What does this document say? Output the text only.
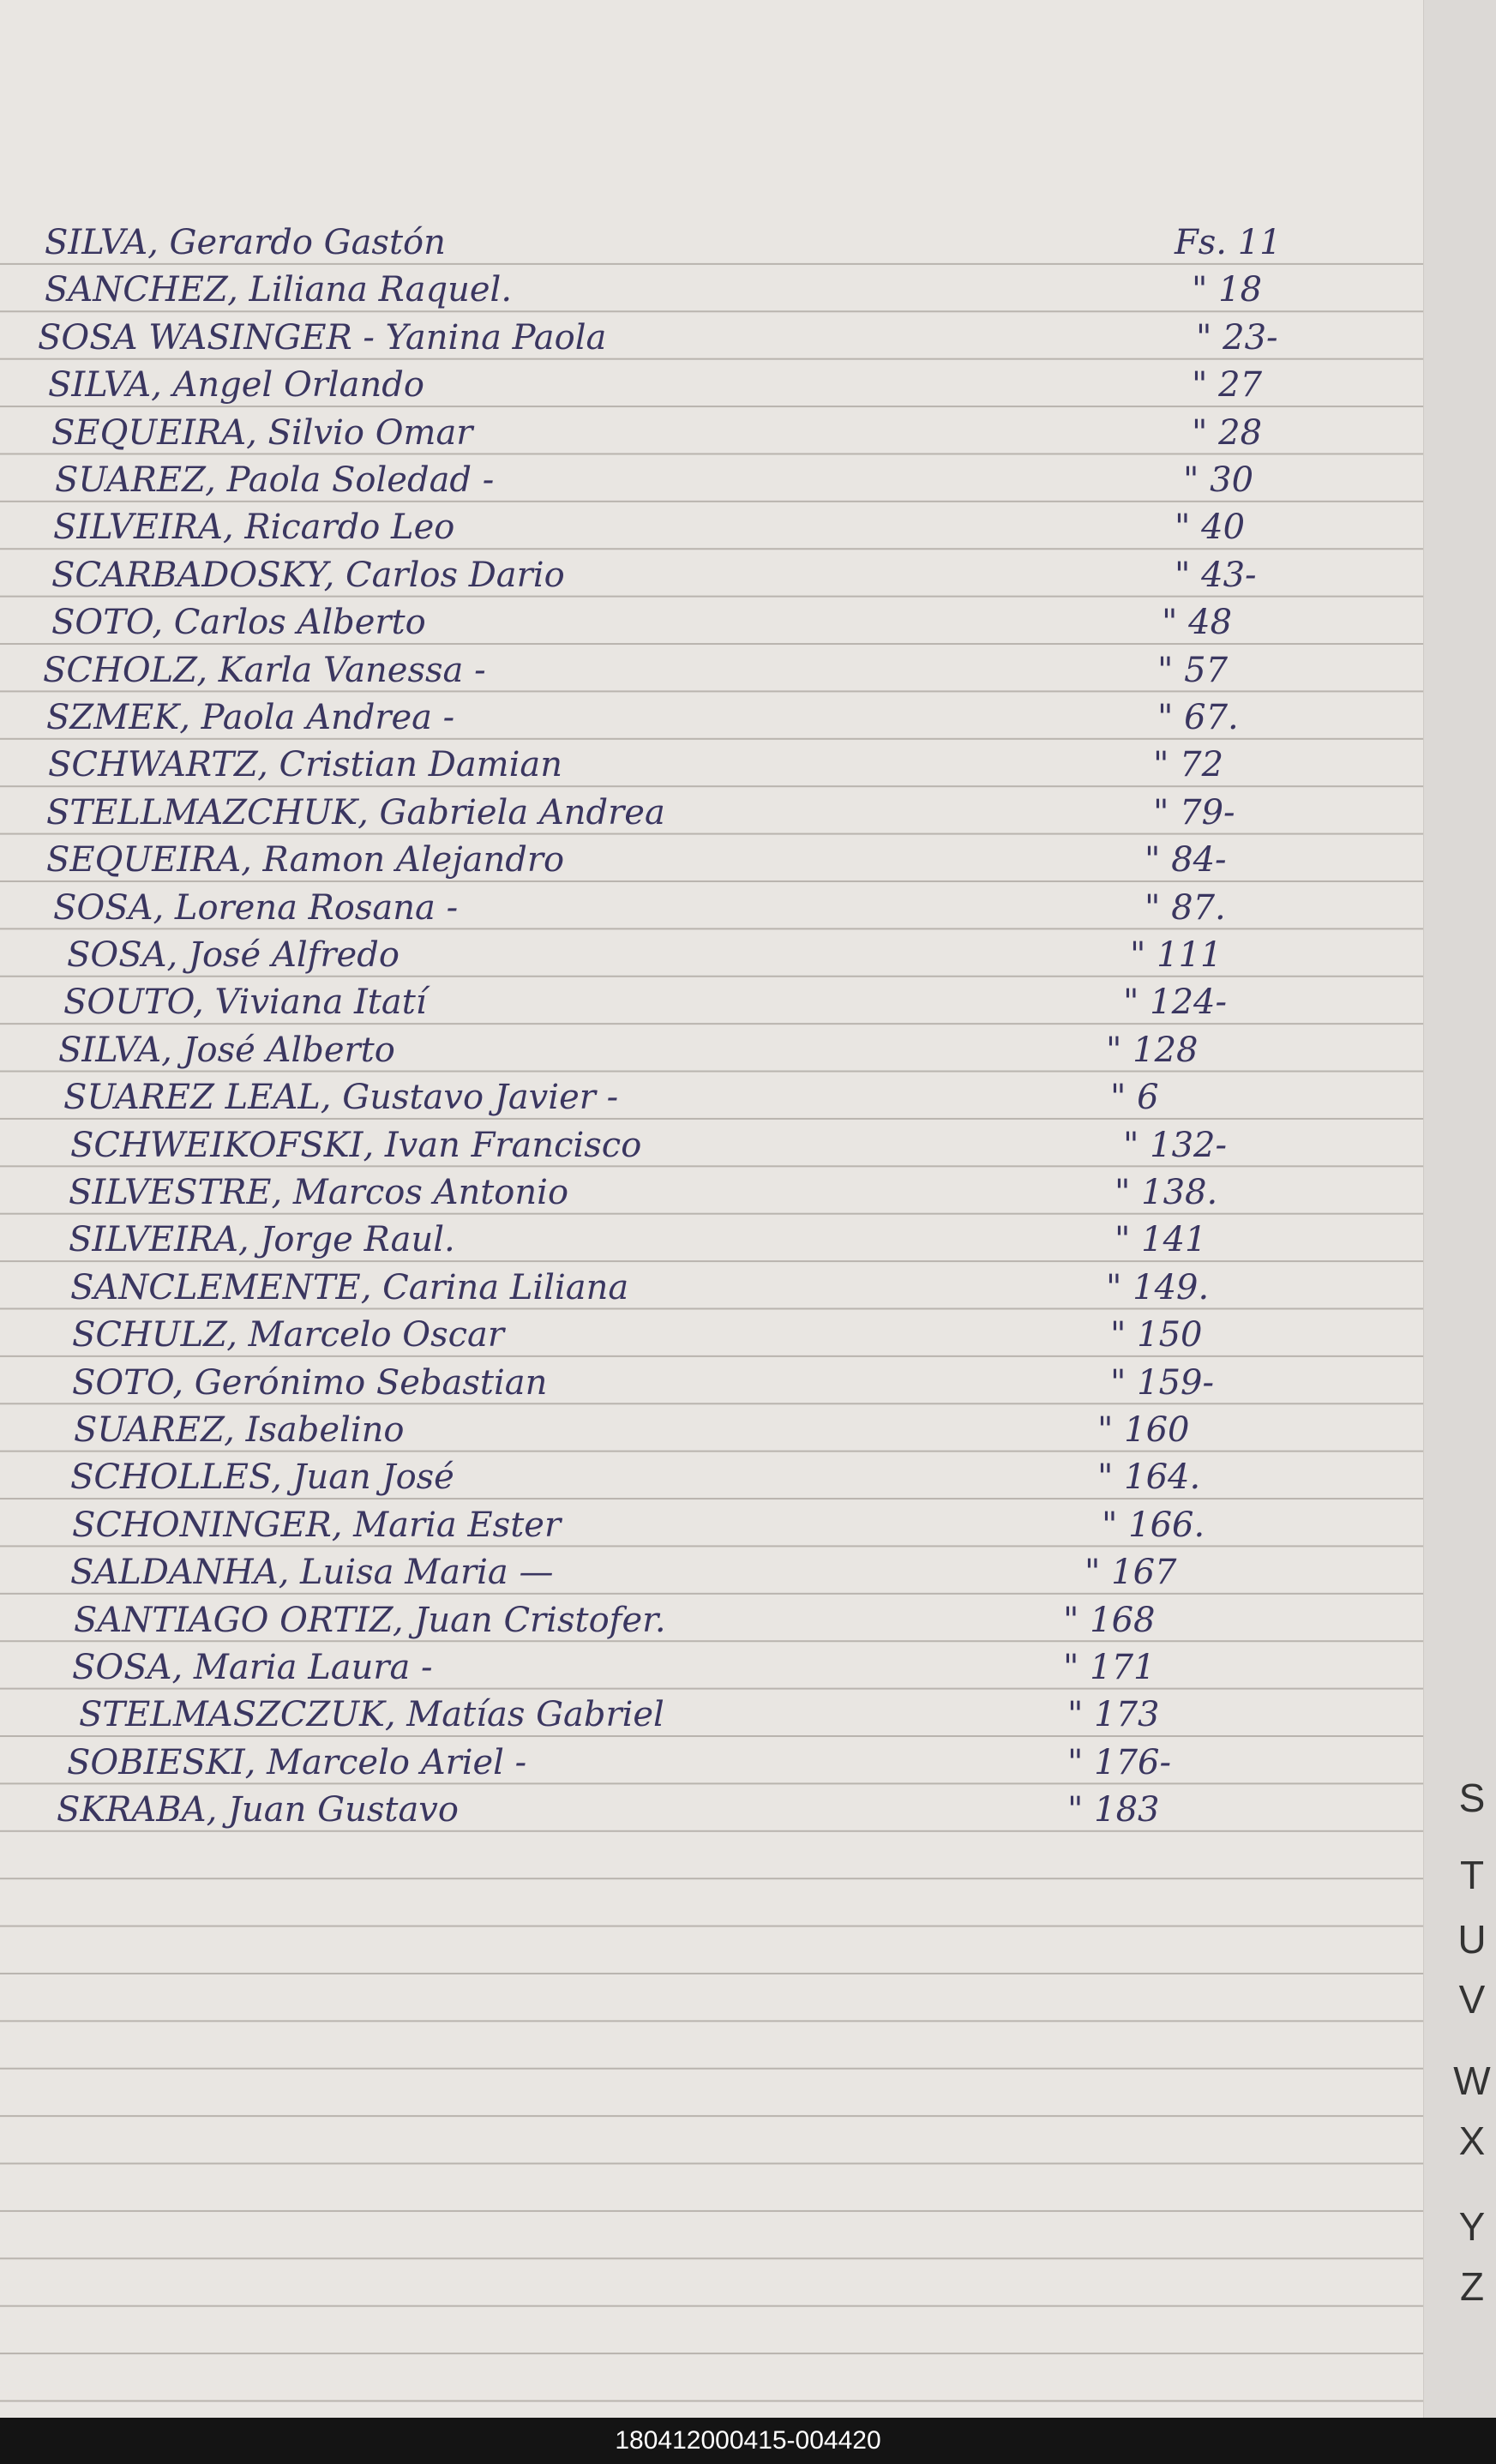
SILVA, Gerardo Gastón	Fs. 11
SANCHEZ, Liliana Raquel.	" 18
SOSA WASINGER - Yanina Paola	" 23-
SILVA, Angel Orlando	" 27
SEQUEIRA, Silvio Omar	" 28
SUAREZ, Paola Soledad -	" 30
SILVEIRA, Ricardo Leo	" 40
SCARBADOSKY, Carlos Dario	" 43-
SOTO, Carlos Alberto	" 48
SCHOLZ, Karla Vanessa -	" 57
SZMEK, Paola Andrea -	" 67.
SCHWARTZ, Cristian Damian	" 72
STELLMAZCHUK, Gabriela Andrea	" 79-
SEQUEIRA, Ramon Alejandro	" 84-
SOSA, Lorena Rosana -	" 87.
SOSA, José Alfredo	" 111
SOUTO, Viviana Itatí	" 124-
SILVA, José Alberto	" 128
SUAREZ LEAL, Gustavo Javier -	" 6
SCHWEIKOFSKI, Ivan Francisco	" 132-
SILVESTRE, Marcos Antonio	" 138.
SILVEIRA, Jorge Raul.	" 141
SANCLEMENTE, Carina Liliana	" 149.
SCHULZ, Marcelo Oscar	" 150
SOTO, Gerónimo Sebastian	" 159-
SUAREZ, Isabelino	" 160
SCHOLLES, Juan José	" 164.
SCHONINGER, Maria Ester	" 166.
SALDANHA, Luisa Maria —	" 167
SANTIAGO ORTIZ, Juan Cristofer.	" 168
SOSA, Maria Laura -	" 171
STELMASZCZUK, Matías Gabriel	" 173
SOBIESKI, Marcelo Ariel -	" 176-
SKRABA, Juan Gustavo	" 183	S
T
U
V
W
X
Y
Z
180412000415-004420
